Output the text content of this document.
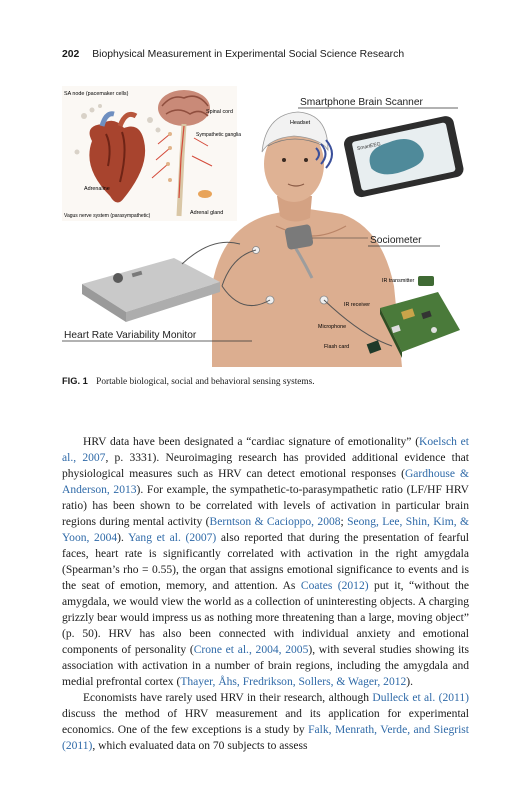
202 Biophysical Measurement in Experimental Social Science Research
SA node (pacemaker cells)
Spinal cord
Sympathetic ganglia
Adrenaline
Vagus nerve system (parasympathetic)	Adrenal gland
Smartphone Brain Scanner
Headset
SmartEEG
Sociometer
IR transmitter
IR receiver
Microphone
Flash card
Heart Rate Variability Monitor
FIG. 1 Portable biological, social and behavioral sensing systems.

HRV data have been designated a “cardiac signature of emotionality” (Koelsch et al., 2007, p. 3331). Neuroimaging research has provided additional evidence that physiological measures such as HRV can detect emotional responses (Gardhouse & Anderson, 2013). For example, the sympathetic-to-parasympathetic ratio (LF/HF HRV ratio) has been shown to be correlated with levels of activation in particular brain regions during mental activity (Berntson & Cacioppo, 2008; Seong, Lee, Shin, Kim, & Yoon, 2004). Yang et al. (2007) also reported that during the presentation of fearful faces, heart rate is significantly correlated with activation in the right amygdala (Spearman’s rho = 0.55), the organ that assigns emotional significance to events and is the seat of emotion, memory, and attention. As Coates (2012) put it, “without the amygdala, we would view the world as a collection of uninteresting objects. A charging grizzly bear would impress us as nothing more threatening than a large, moving object” (p. 50). HRV has also been connected with individual anxiety and emotional components of personality (Crone et al., 2004, 2005), with several studies showing its association with activation in a number of brain regions, including the amygdala and medial prefrontal cortex (Thayer, Åhs, Fredrikson, Sollers, & Wager, 2012).

Economists have rarely used HRV in their research, although Dulleck et al. (2011) discuss the method of HRV measurement and its application for experimental economics. One of the few exceptions is a study by Falk, Menrath, Verde, and Siegrist (2011), which evaluated data on 70 subjects to assess
